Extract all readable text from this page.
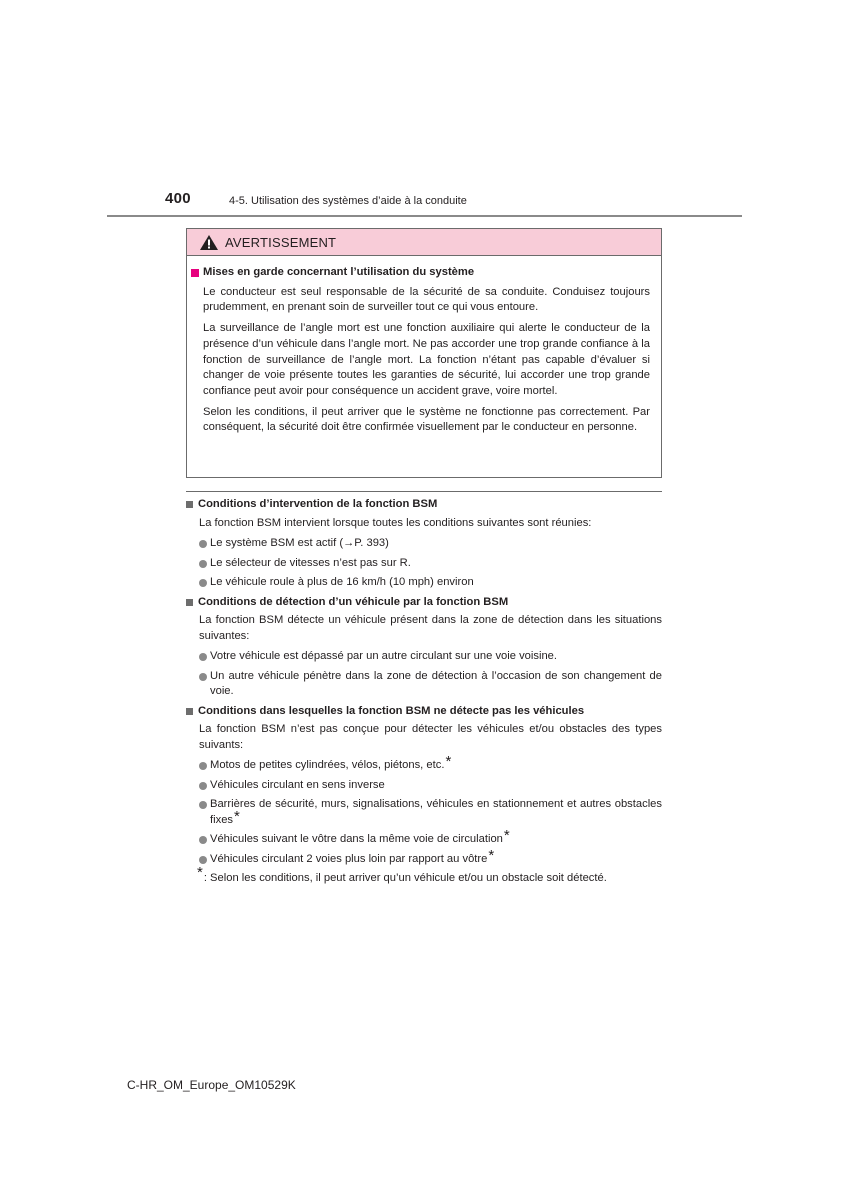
400	4-5. Utilisation des systèmes d’aide à la conduite
AVERTISSEMENT
Mises en garde concernant l’utilisation du système

Le conducteur est seul responsable de la sécurité de sa conduite. Conduisez toujours prudemment, en prenant soin de surveiller tout ce qui vous entoure.

La surveillance de l’angle mort est une fonction auxiliaire qui alerte le conducteur de la présence d’un véhicule dans l’angle mort. Ne pas accorder une trop grande confiance à la fonction de surveillance de l’angle mort. La fonction n’étant pas capable d’évaluer si changer de voie présente toutes les garanties de sécurité, lui accorder une trop grande confiance peut avoir pour conséquence un accident grave, voire mortel.

Selon les conditions, il peut arriver que le système ne fonctionne pas correctement. Par conséquent, la sécurité doit être confirmée visuellement par le conducteur en personne.

Conditions d’intervention de la fonction BSM

La fonction BSM intervient lorsque toutes les conditions suivantes sont réunies:

Le système BSM est actif (→P. 393)
Le sélecteur de vitesses n’est pas sur R.
Le véhicule roule à plus de 16 km/h (10 mph) environ
Conditions de détection d’un véhicule par la fonction BSM

La fonction BSM détecte un véhicule présent dans la zone de détection dans les situations suivantes:

Votre véhicule est dépassé par un autre circulant sur une voie voisine.
Un autre véhicule pénètre dans la zone de détection à l’occasion de son changement de voie.
Conditions dans lesquelles la fonction BSM ne détecte pas les véhicules

La fonction BSM n’est pas conçue pour détecter les véhicules et/ou obstacles des types suivants:

Motos de petites cylindrées, vélos, piétons, etc.*
Véhicules circulant en sens inverse
Barrières de sécurité, murs, signalisations, véhicules en stationnement et autres obstacles fixes*
Véhicules suivant le vôtre dans la même voie de circulation*
Véhicules circulant 2 voies plus loin par rapport au vôtre*
* : Selon les conditions, il peut arriver qu’un véhicule et/ou un obstacle soit détecté.
C-HR_OM_Europe_OM10529K
